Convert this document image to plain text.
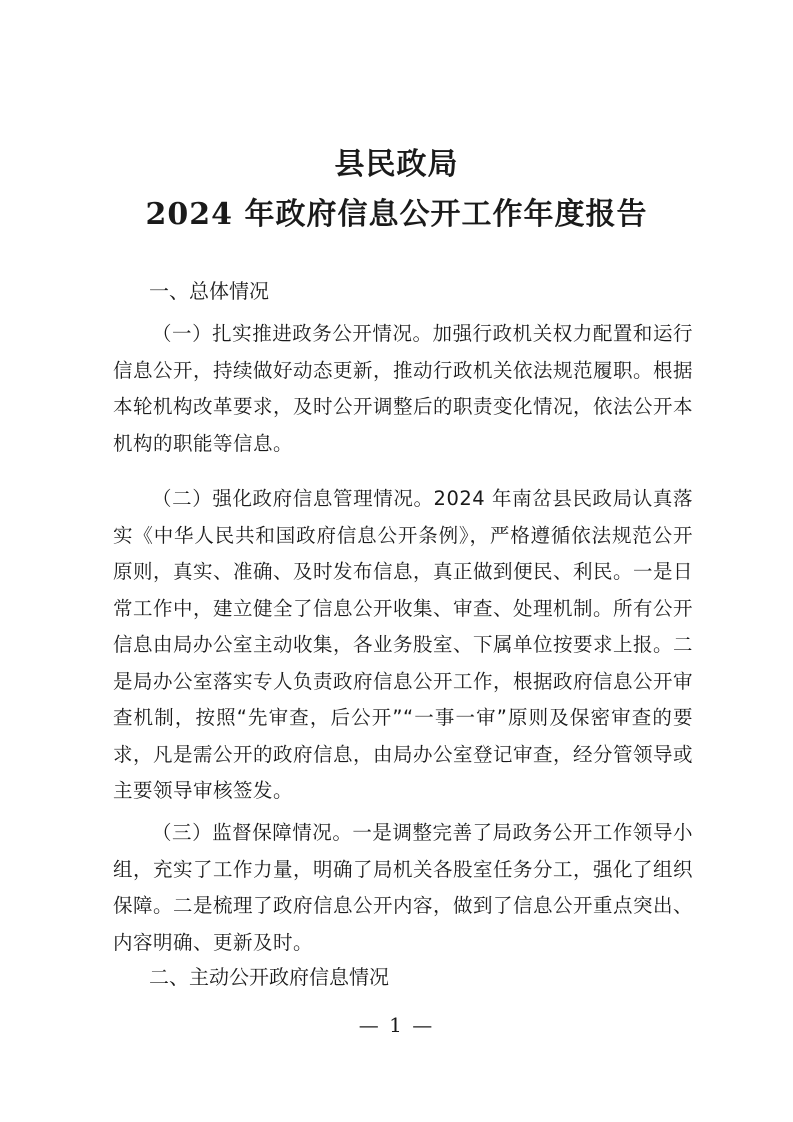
县民政局
2024 年政府信息公开工作年度报告
一、总体情况

（一）扎实推进政务公开情况。加强行政机关权力配置和运行信息公开，持续做好动态更新，推动行政机关依法规范履职。根据本轮机构改革要求，及时公开调整后的职责变化情况，依法公开本机构的职能等信息。

（二）强化政府信息管理情况。2024 年南岔县民政局认真落实《中华人民共和国政府信息公开条例》，严格遵循依法规范公开原则，真实、准确、及时发布信息，真正做到便民、利民。一是日常工作中，建立健全了信息公开收集、审查、处理机制。所有公开信息由局办公室主动收集，各业务股室、下属单位按要求上报。二是局办公室落实专人负责政府信息公开工作，根据政府信息公开审查机制，按照“先审查，后公开”“一事一审”原则及保密审查的要求，凡是需公开的政府信息，由局办公室登记审查，经分管领导或主要领导审核签发。

（三）监督保障情况。一是调整完善了局政务公开工作领导小组，充实了工作力量，明确了局机关各股室任务分工，强化了组织保障。二是梳理了政府信息公开内容，做到了信息公开重点突出、内容明确、更新及时。

二、主动公开政府信息情况
— 1 —
